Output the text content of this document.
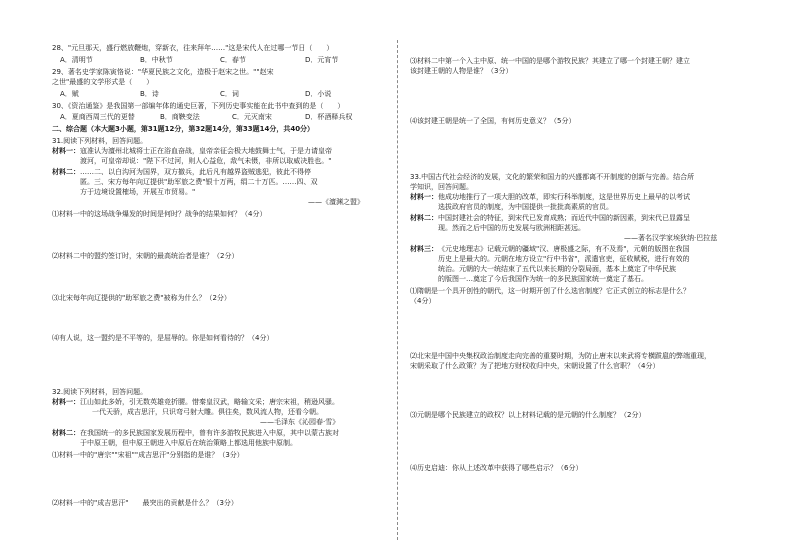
28、"元旦那天，盛行燃放鞭炮，穿新衣，往来拜年……"这是宋代人在过哪一节日（　　）
A．清明节	B．中秋节	C．春节	D．元宵节
29、著名史学家陈寅恪说："华夏民族之文化，造极于赵宋之世。""赵宋
之世"最盛的文学形式是（　　）
A．赋	B．诗	C．词	D．小说
30、《资治通鉴》是我国第一部编年体的通史巨著，下列历史事实能在此书中查到的是（　　）
A．夏商西周三代的更替	B．商鞅变法	C．元灭南宋	D．杯酒释兵权
二、综合题（本大题3小题，第31题12分，第32题14分，第33题14分，共40分）
31.阅读下列材料，回答问题。
材料一： 寇准认为澶州北城将士正在浴血奋战，皇帝亲征会极大地鼓舞士气，于是力请皇帝
渡河，可皇帝却说："陛下不过河，则人心益危，敌气未慑，非所以取威决胜也。"
材料二： ……二、以白沟河为国界，双方撤兵，此后凡有越界盗贼逃犯，彼此不得停
匿。三、宋方每年向辽提供"助军旅之费"银十万两，绢二十万匹。……四、双
方于边境设置榷场，开展互市贸易。"
——《澶渊之盟》
⑴材料一中的这场战争爆发的时间是何时？战争的结果如何？（4分）
⑵材料二中的盟约签订时，宋朝的最高统治者是谁？（2分）
⑶北宋每年向辽提供的"助军旅之费"被称为什么？（2分）
⑷有人说，这一盟约是不平等的，是屈辱的。你是如何看待的？（4分）
32.阅读下列材料，回答问题。
材料一： 江山如此多娇，引无数英雄竞折腰。惜秦皇汉武，略输文采；唐宗宋祖，稍逊风骚。
一代天骄，成吉思汗，只识弯弓射大雕。俱往矣，数风流人物，还看今朝。
——毛泽东《沁园春·雪》
材料二： 在我国统一的多民族国家发展历程中，曾有许多游牧民族进入中原，其中以蒙古族对
于中原王朝，但中原王朝进入中原后在统治策略上都选用他族中原制。
⑴材料一中的"唐宗""宋祖""成吉思汗"分别指的是谁？（3分）
⑵材料一中的"成吉思汗"　　最突出的贡献是什么？（3分）
⑶材料二中第一个入主中原、统一中国的是哪个游牧民族？其建立了哪一个封建王朝？建立
该封建王朝的人物是谁？（3分）
⑷该封建王朝是统一了全国，有何历史意义？（5分）
33.中国古代社会经济的发展，文化的繁荣和国力的兴盛都离不开制度的创新与完善。结合所
学知识，回答问题。
材料一： 他成功地推行了一项大胆的改革，即实行科举制度，这是世界历史上最早的以考试
选拔政府官员的制度，为中国提供一批批高素质的官员。
材料二： 中国封建社会的特征，到宋代已发育成熟；而近代中国的新因素，到宋代已显露呈
现。然而之后中国的历史发展与欧洲相距甚远。
——著名汉学家埃狄纳·巴拉兹
材料三： 《元史地理志》记载元朝的疆域"汉、唐极盛之际，有不及焉"，元朝的版图在我国
历史上是最大的。元朝在地方设立"行中书省"，派遣官吏，征收赋税，进行有效的
统治。元朝的大一统结束了五代以来长期的分裂局面，基本上奠定了中华民族
的版图一…奠定了今后我国作为统一的多民族国家统一奠定了基石。
⑴隋朝是一个具开创性的朝代，这一时期开创了什么选官制度？它正式创立的标志是什么？
（4分）
⑵北宋是中国中央集权政治制度走向完善的重要时期，为防止唐末以来武将专横跋扈的弊端重现，
宋朝采取了什么政策？为了把地方财权收归中央，宋朝设置了什么官职？（4分）
⑶元朝是哪个民族建立的政权？以上材料记载的是元朝的什么制度？（2分）
⑷历史启迪：你从上述改革中获得了哪些启示？（6分）
